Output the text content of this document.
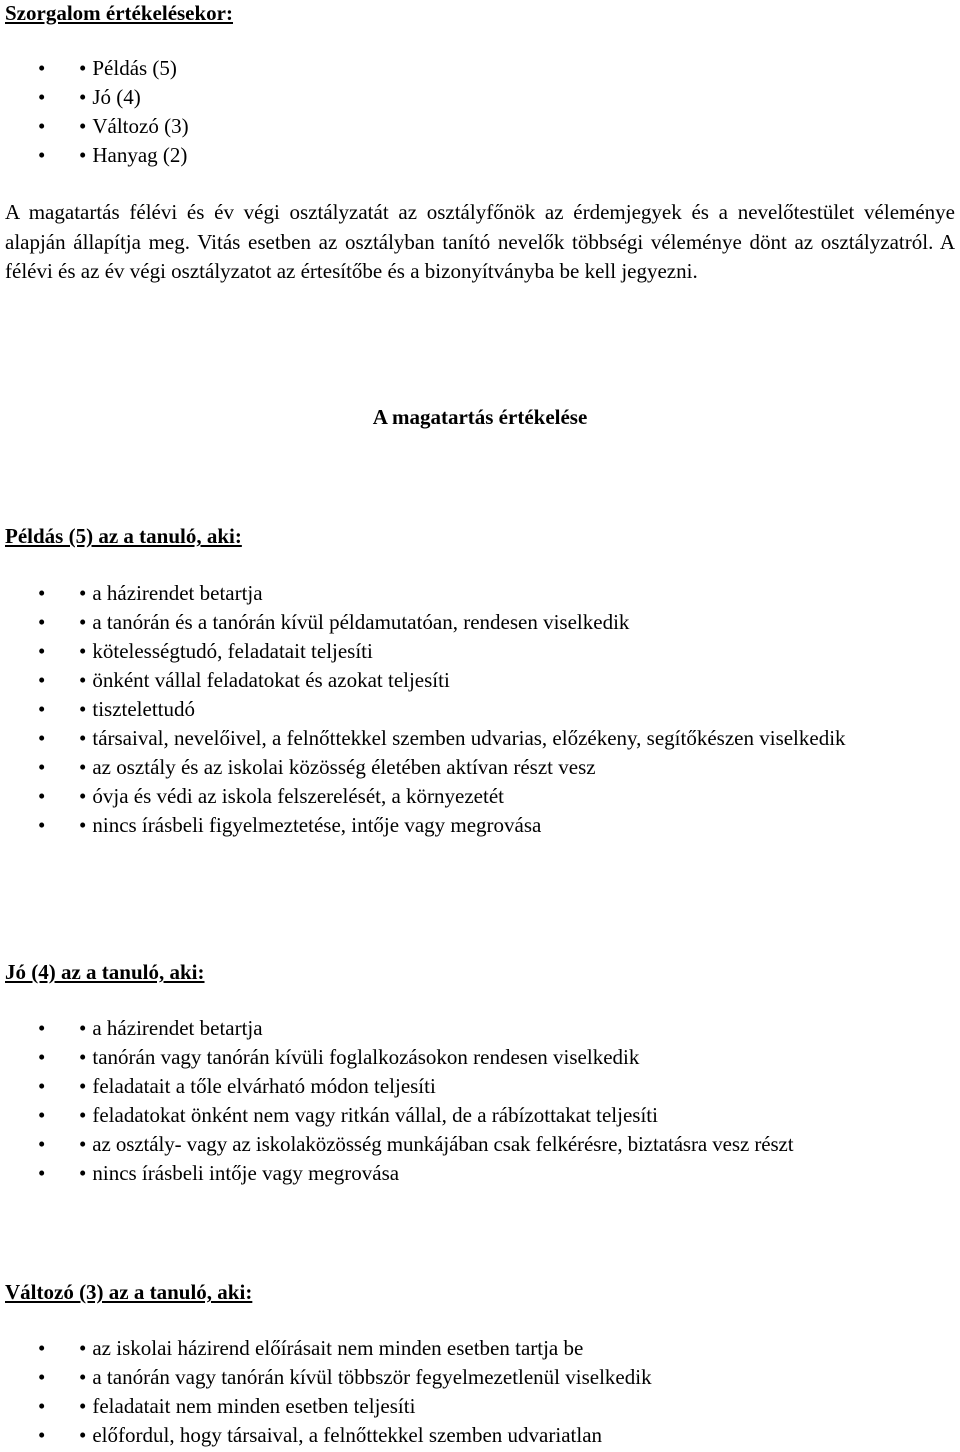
Szorgalom értékelésekor:
• • Példás (5)
• • Jó (4)
• • Változó (3)
• • Hanyag (2)

A magatartás félévi és év végi osztályzatát az osztályfőnök az érdemjegyek és a nevelőtestület véleménye alapján állapítja meg. Vitás esetben az osztályban tanító nevelők többségi véleménye dönt az osztályzatról. A félévi és az év végi osztályzatot az értesítőbe és a bizonyítványba be kell jegyezni.

A magatartás értékelése
Példás (5) az a tanuló, aki:
• • a házirendet betartja
• • a tanórán és a tanórán kívül példamutatóan, rendesen viselkedik
• • kötelességtudó, feladatait teljesíti
• • önként vállal feladatokat és azokat teljesíti
• • tisztelettudó
• • társaival, nevelőivel, a felnőttekkel szemben udvarias, előzékeny, segítőkészen viselkedik
• • az osztály és az iskolai közösség életében aktívan részt vesz
• • óvja és védi az iskola felszerelését, a környezetét
• • nincs írásbeli figyelmeztetése, intője vagy megrovása
Jó (4) az a tanuló, aki:
• • a házirendet betartja
• • tanórán vagy tanórán kívüli foglalkozásokon rendesen viselkedik
• • feladatait a tőle elvárható módon teljesíti
• • feladatokat önként nem vagy ritkán vállal, de a rábízottakat teljesíti
• • az osztály- vagy az iskolaközösség munkájában csak felkérésre, biztatásra vesz részt
• • nincs írásbeli intője vagy megrovása
Változó (3) az a tanuló, aki:
• • az iskolai házirend előírásait nem minden esetben tartja be
• • a tanórán vagy tanórán kívül többször fegyelmezetlenül viselkedik
• • feladatait nem minden esetben teljesíti
• • előfordul, hogy társaival, a felnőttekkel szemben udvariatlan
